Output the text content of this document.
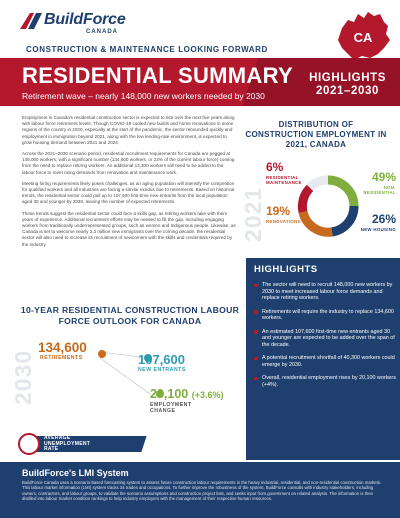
BuildForce
CANADA
CONSTRUCTION & MAINTENANCE LOOKING FORWARD
CA
RESIDENTIAL SUMMARY
Retirement wave – nearly 148,000 new workers needed by 2030
HIGHLIGHTS
2021–2030

Employment in Canada's residential construction sector is expected to rise over the next five years along with labour force retirement levels. Though COVID-19 cooled new builds and home renovations in some regions of the country in 2020, especially at the start of the pandemic, the sector rebounded quickly and employment in immigration beyond 2021, along with the low lending-rate environment, is expected to grow housing demand between 2021 and 2024.

Across the 2021–2030 scenario period, residential recruitment requirements for Canada are pegged at 148,000 workers, with a significant number (134,600 workers, or 23% of the current labour force) coming from the need to replace retiring workers. An additional 13,300 workers will need to be added to the labour force to meet rising demands from renovation and maintenance work.

Meeting hiring requirements likely poses challenges, as an aging population will intensify the competition for qualified workers and all industries are facing a similar exodus due to retirements. Based on historical trends, the residential sector could pull up to 107,600 first-time new entrants from the local population aged 30 and younger by 2030, leaving the number of expected retirements.

These trends suggest the residential sector could face a skills gap, as retiring workers take with them years of experience. Additional recruitment efforts may be needed to fill the gap, including engaging workers from traditionally underrepresented groups, such as women and Indigenous people. Likewise, as Canada is set to welcome nearly 3.3 million new immigrants over the coming decade, the residential sector will also need to increase its recruitment of newcomers with the skills and credentials required by the industry.

DISTRIBUTION OF CONSTRUCTION EMPLOYMENT IN 2021, CANADA
2021
6%
RESIDENTIAL MAINTENANCE	49%
NON-RESIDENTIAL
19%
RENOVATIONS	26%
NEW HOUSING
10-YEAR RESIDENTIAL CONSTRUCTION LABOUR FORCE OUTLOOK FOR CANADA
2030
134,600
RETIREMENTS	107,600
NEW ENTRANTS
20,100 (+3.6%)
EMPLOYMENT CHANGE
AVERAGE UNEMPLOYMENT RATE
7.6%
HIGHLIGHTS
The sector will need to recruit 148,000 new workers by 2030 to meet increased labour force demands and replace retiring workers.
Retirements will require the industry to replace 134,600 workers.
An estimated 107,600 first-time new entrants aged 30 and younger are expected to be added over the span of the decade.
A potential recruitment shortfall of 40,300 workers could emerge by 2030.
Overall, residential employment rises by 20,100 workers (+4%).
BuildForce's LMI System
BuildForce Canada uses a scenario-based forecasting system to assess future construction labour requirements in the heavy industrial, residential, and non-residential construction markets. This labour market information (LMI) system tracks 34 trades and occupations. To further improve the robustness of the system, BuildForce consults with industry stakeholders, including owners, contractors, and labour groups, to validate the scenario assumptions and construction project lists, and seeks input from government on related analysis. The information is then distilled into labour market condition rankings to help industry employers with the management of their respective human resources.
